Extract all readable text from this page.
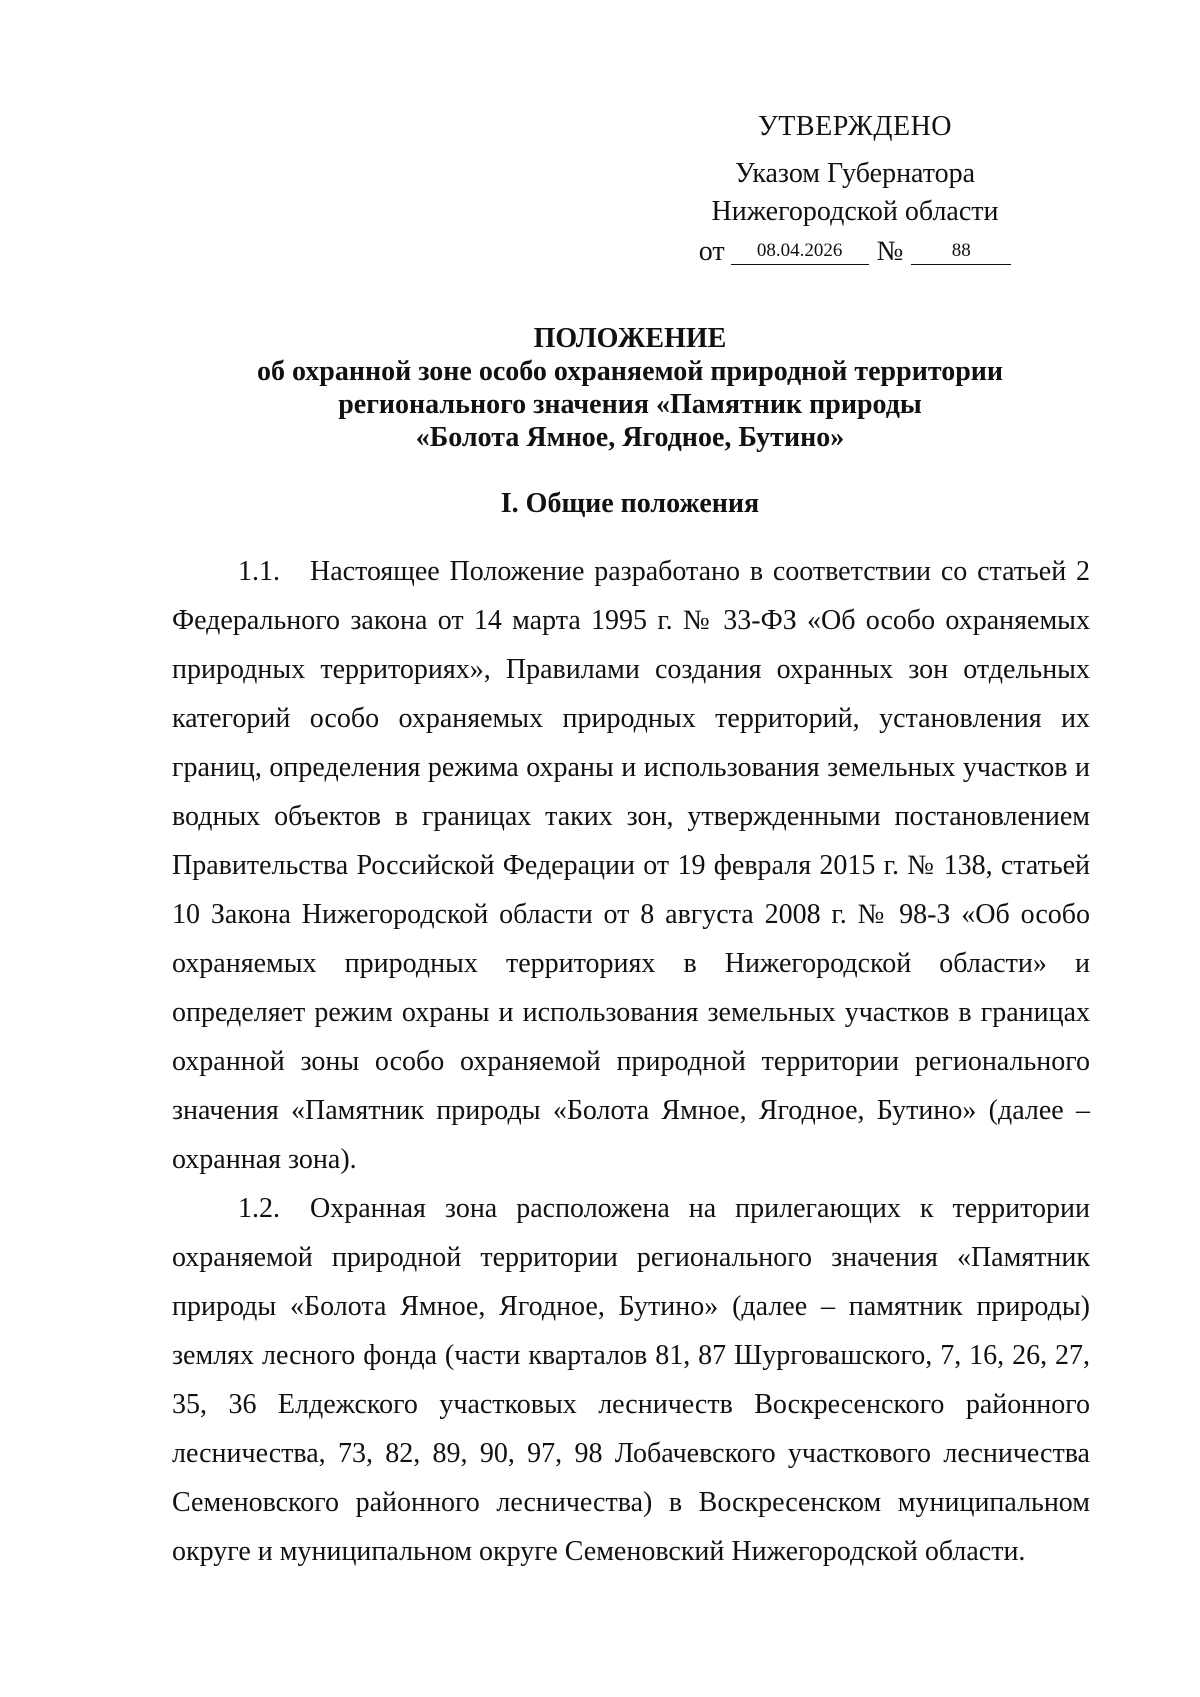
УТВЕРЖДЕНО
Указом Губернатора
Нижегородской области
от 08.04.2026 №	88
ПОЛОЖЕНИЕ
об охранной зоне особо охраняемой природной территории
регионального значения «Памятник природы
«Болота Ямное, Ягодное, Бутино»
I. Общие положения

1.1. Настоящее Положение разработано в соответствии со статьей 2 Федерального закона от 14 марта 1995 г. № 33-ФЗ «Об особо охраняемых природных территориях», Правилами создания охранных зон отдельных категорий особо охраняемых природных территорий, установления их границ, определения режима охраны и использования земельных участков и водных объектов в границах таких зон, утвержденными постановлением Правительства Российской Федерации от 19 февраля 2015 г. № 138, статьей 10 Закона Нижегородской области от 8 августа 2008 г. № 98-З «Об особо охраняемых природных территориях в Нижегородской области» и определяет режим охраны и использования земельных участков в границах охранной зоны особо охраняемой природной территории регионального значения «Памятник природы «Болота Ямное, Ягодное, Бутино» (далее – охранная зона).

1.2. Охранная зона расположена на прилегающих к территории охраняемой природной территории регионального значения «Памятник природы «Болота Ямное, Ягодное, Бутино» (далее – памятник природы) землях лесного фонда (части кварталов 81, 87 Шурговашского, 7, 16, 26, 27, 35, 36 Елдежского участковых лесничеств Воскресенского районного лесничества, 73, 82, 89, 90, 97, 98 Лобачевского участкового лесничества Семеновского районного лесничества) в Воскресенском муниципальном округе и муниципальном округе Семеновский Нижегородской области.
